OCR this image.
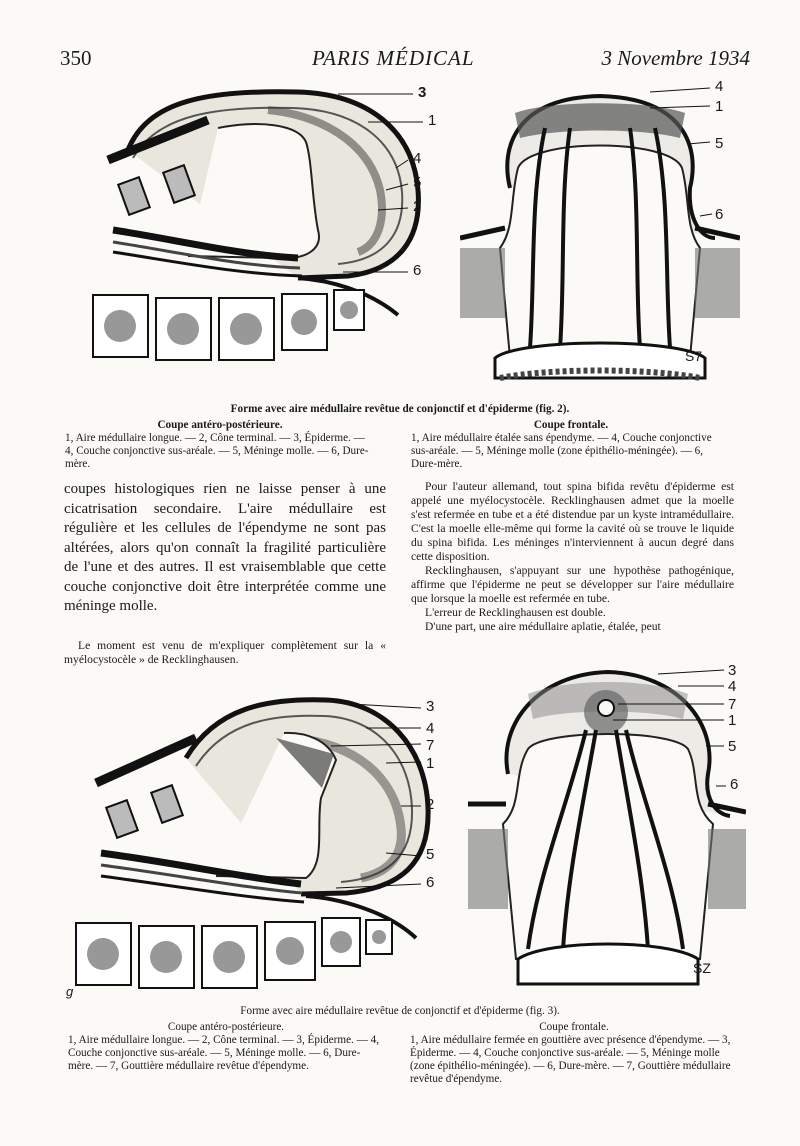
350	PARIS MÉDICAL	3 Novembre 1934
3
1
4
5
2
6
4
1
5
6
S7
Forme avec aire médullaire revêtue de conjonctif et d'épiderme (fig. 2).
Coupe antéro-postérieure.
1, Aire médullaire longue. — 2, Cône terminal. — 3, Épiderme. — 4, Couche conjonctive sus-aréale. — 5, Méninge molle. — 6, Dure-mère.
Coupe frontale.
1, Aire médullaire étalée sans épendyme. — 4, Couche conjonctive sus-aréale. — 5, Méninge molle (zone épithélio-méningée). — 6, Dure-mère.

coupes histologiques rien ne laisse penser à une cicatrisation secondaire. L'aire médullaire est régulière et les cellules de l'épendyme ne sont pas altérées, alors qu'on connaît la fragilité particulière de l'une et des autres. Il est vraisemblable que cette couche conjonctive doit être interprétée comme une méninge molle.

Le moment est venu de m'expliquer complètement sur la « myélocystocèle » de Recklinghausen.

Pour l'auteur allemand, tout spina bifida revêtu d'épiderme est appelé une myélocystocèle. Recklinghausen admet que la moelle s'est refermée en tube et a été distendue par un kyste intramédullaire. C'est la moelle elle-même qui forme la cavité où se trouve le liquide du spina bifida. Les méninges n'interviennent à aucun degré dans cette disposition.

Recklinghausen, s'appuyant sur une hypothèse pathogénique, affirme que l'épiderme ne peut se développer sur l'aire médullaire que lorsque la moelle est refermée en tube.

L'erreur de Recklinghausen est double.

D'une part, une aire médullaire aplatie, étalée, peut

3
4
7
1
2
5
6
g
3
4
7
1
5
6
SZ
Forme avec aire médullaire revêtue de conjonctif et d'épiderme (fig. 3).
Coupe antéro-postérieure.
1, Aire médullaire longue. — 2, Cône terminal. — 3, Épiderme. — 4, Couche conjonctive sus-aréale. — 5, Méninge molle. — 6, Dure-mère. — 7, Gouttière médullaire revêtue d'épendyme.
Coupe frontale.
1, Aire médullaire fermée en gouttière avec présence d'épendyme. — 3, Épiderme. — 4, Couche conjonctive sus-aréale. — 5, Méninge molle (zone épithélio-méningée). — 6, Dure-mère. — 7, Gouttière médullaire revêtue d'épendyme.
